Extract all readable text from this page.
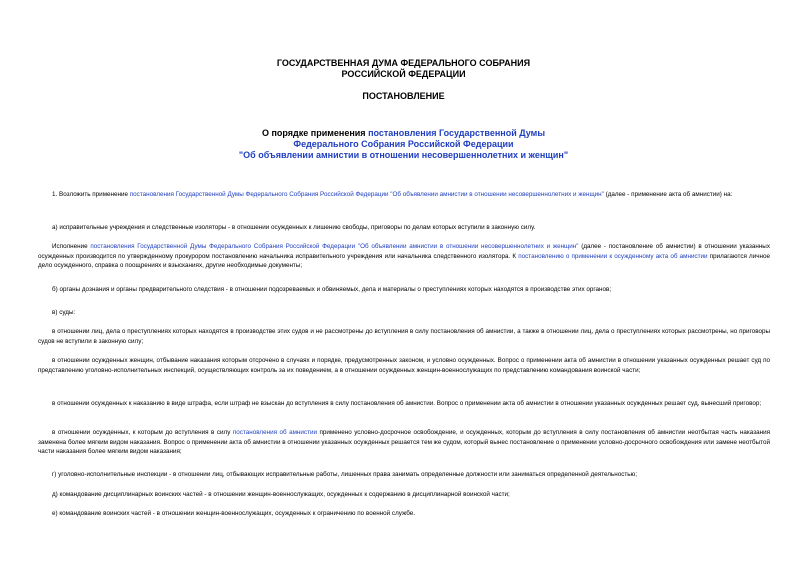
ГОСУДАРСТВЕННАЯ ДУМА ФЕДЕРАЛЬНОГО СОБРАНИЯ
РОССИЙСКОЙ ФЕДЕРАЦИИ
ПОСТАНОВЛЕНИЕ
О порядке применения постановления Государственной Думы
Федерального Собрания Российской Федерации
"Об объявлении амнистии в отношении несовершеннолетних и женщин"
1. Возложить применение постановления Государственной Думы Федерального Собрания Российской Федерации "Об объявлении амнистии в отношении несовершеннолетних и женщин" (далее - применение акта об амнистии) на:
а) исправительные учреждения и следственные изоляторы - в отношении осужденных к лишению свободы, приговоры по делам которых вступили в законную силу.
Исполнение постановления Государственной Думы Федерального Собрания Российской Федерации "Об объявлении амнистии в отношении несовершеннолетних и женщин" (далее - постановление об амнистии) в отношении указанных осужденных производится по утвержденному прокурором постановлению начальника исправительного учреждения или начальника следственного изолятора. К постановлению о применении к осужденному акта об амнистии прилагаются личное дело осужденного, справка о поощрениях и взысканиях, другие необходимые документы;
б) органы дознания и органы предварительного следствия - в отношении подозреваемых и обвиняемых, дела и материалы о преступлениях которых находятся в производстве этих органов;
в) суды:
в отношении лиц, дела о преступлениях которых находятся в производстве этих судов и не рассмотрены до вступления в силу постановления об амнистии, а также в отношении лиц, дела о преступлениях которых рассмотрены, но приговоры судов не вступили в законную силу;
в отношении осужденных женщин, отбывание наказания которым отсрочено в случаях и порядке, предусмотренных законом, и условно осужденных. Вопрос о применении акта об амнистии в отношении указанных осужденных решает суд по представлению уголовно-исполнительных инспекций, осуществляющих контроль за их поведением, а в отношении осужденных женщин-военнослужащих по представлению командования воинской части;
в отношении осужденных к наказанию в виде штрафа, если штраф не взыскан до вступления в силу постановления об амнистии. Вопрос о применении акта об амнистии в отношении указанных осужденных решает суд, вынесший приговор;
в отношении осужденных, к которым до вступления в силу постановления об амнистии применено условно-досрочное освобождение, и осужденных, которым до вступления в силу постановления об амнистии неотбытая часть наказания заменена более мягким видом наказания. Вопрос о применении акта об амнистии в отношении указанных осужденных решается тем же судом, который вынес постановление о применении условно-досрочного освобождения или замене неотбытой части наказания более мягким видом наказания;
г) уголовно-исполнительные инспекции - в отношении лиц, отбывающих исправительные работы, лишенных права занимать определенные должности или заниматься определенной деятельностью;
д) командование дисциплинарных воинских частей - в отношении женщин-военнослужащих, осужденных к содержанию в дисциплинарной воинской части;
е) командование воинских частей - в отношении женщин-военнослужащих, осужденных к ограничению по военной службе.
